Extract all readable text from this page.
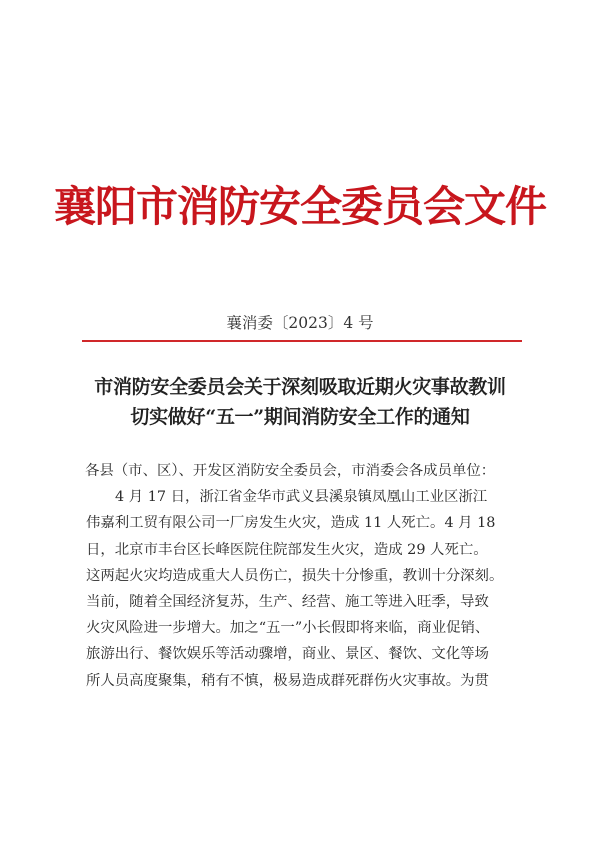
襄阳市消防安全委员会文件
襄消委〔2023〕4 号
市消防安全委员会关于深刻吸取近期火灾事故教训
切实做好“五一”期间消防安全工作的通知
各县（市、区）、开发区消防安全委员会，市消委会各成员单位：
4 月 17 日，浙江省金华市武义县溪泉镇凤凰山工业区浙江
伟嘉利工贸有限公司一厂房发生火灾，造成 11 人死亡。4 月 18
日，北京市丰台区长峰医院住院部发生火灾，造成 29 人死亡。
这两起火灾均造成重大人员伤亡，损失十分惨重，教训十分深刻。
当前，随着全国经济复苏，生产、经营、施工等进入旺季，导致
火灾风险进一步增大。加之“五一”小长假即将来临，商业促销、
旅游出行、餐饮娱乐等活动骤增，商业、景区、餐饮、文化等场
所人员高度聚集，稍有不慎，极易造成群死群伤火灾事故。为贯
